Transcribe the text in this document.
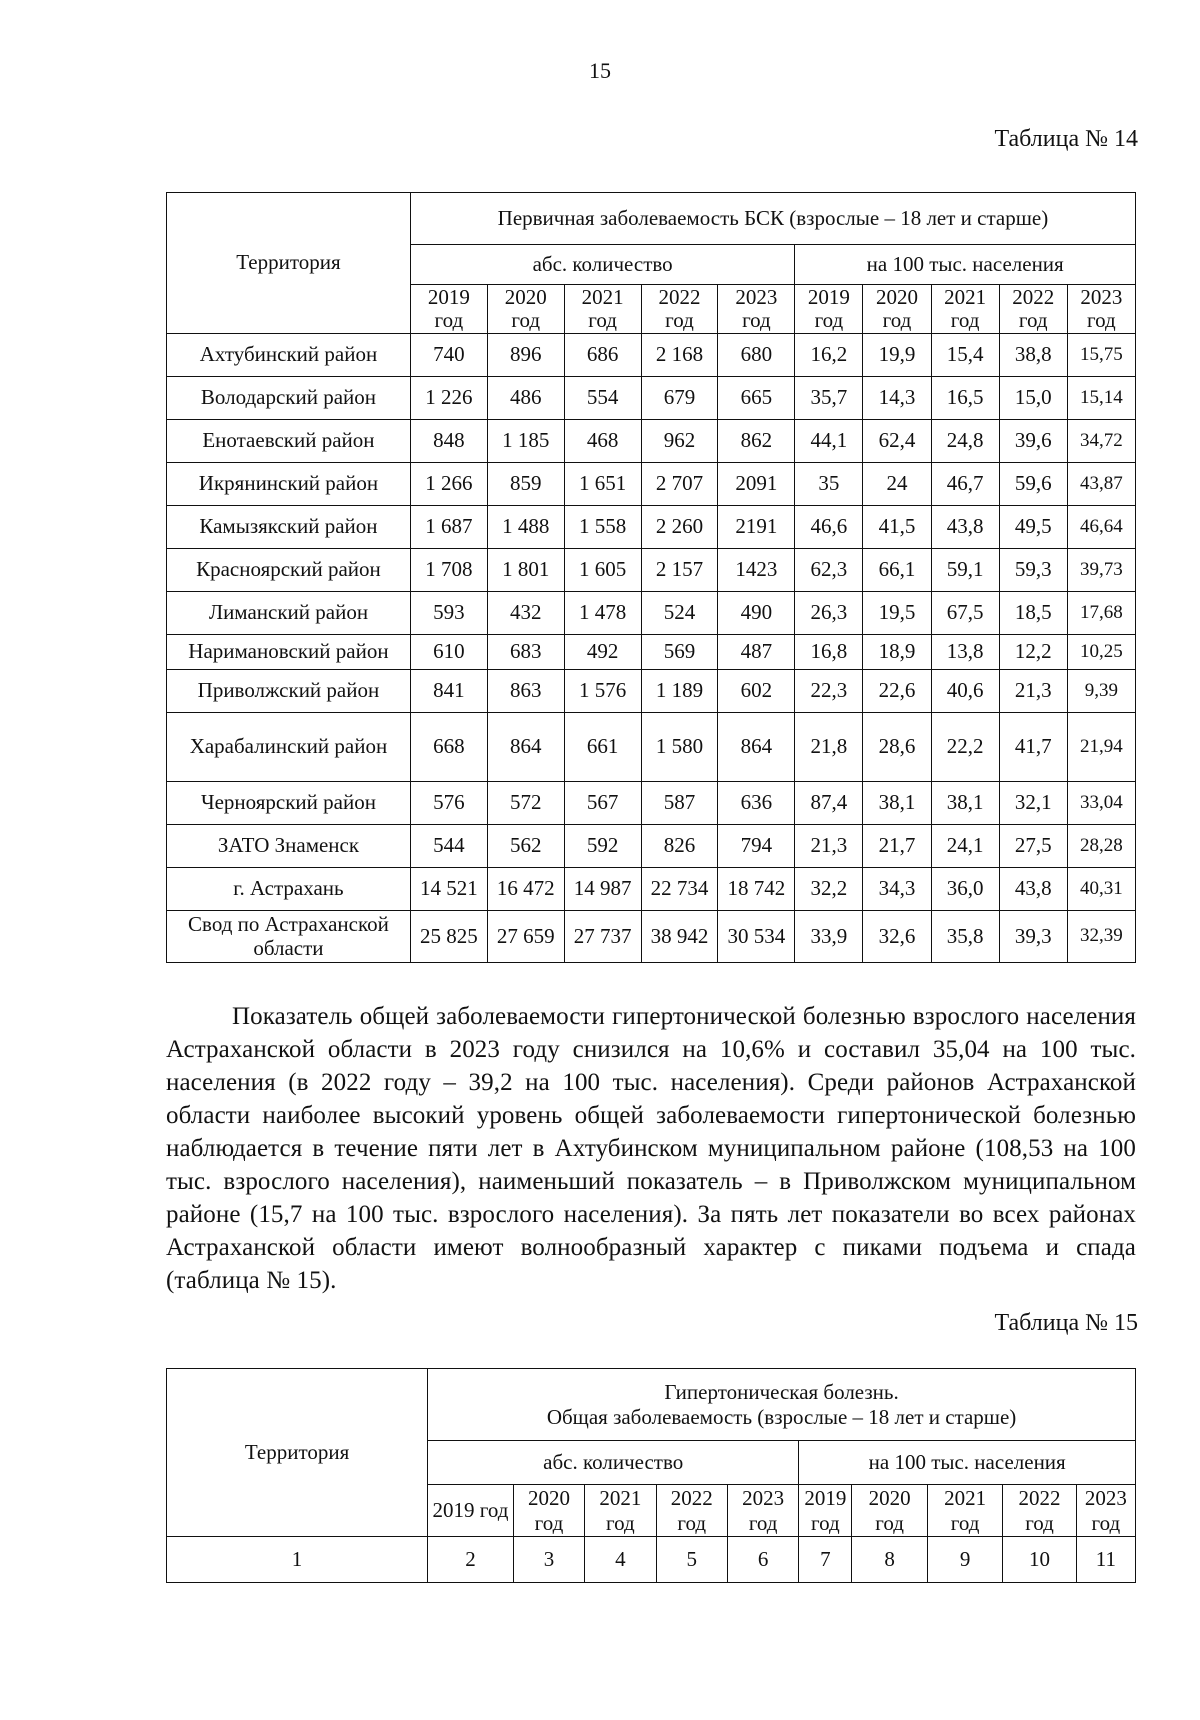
15
Таблица № 14
Территория	Первичная заболеваемость БСК (взрослые – 18 лет и старше)									
	абс. количество					на 100 тыс. населения				
	2019 год	2020 год	2021 год	2022 год	2023 год	2019 год	2020 год	2021 год	2022 год	2023 год
Ахтубинский район	740	896	686	2 168	680	16,2	19,9	15,4	38,8	15,75
Володарский район	1 226	486	554	679	665	35,7	14,3	16,5	15,0	15,14
Енотаевский район	848	1 185	468	962	862	44,1	62,4	24,8	39,6	34,72
Икрянинский район	1 266	859	1 651	2 707	2091	35	24	46,7	59,6	43,87
Камызякский район	1 687	1 488	1 558	2 260	2191	46,6	41,5	43,8	49,5	46,64
Красноярский район	1 708	1 801	1 605	2 157	1423	62,3	66,1	59,1	59,3	39,73
Лиманский район	593	432	1 478	524	490	26,3	19,5	67,5	18,5	17,68
Наримановский район	610	683	492	569	487	16,8	18,9	13,8	12,2	10,25
Приволжский район	841	863	1 576	1 189	602	22,3	22,6	40,6	21,3	9,39
Харабалинский район	668	864	661	1 580	864	21,8	28,6	22,2	41,7	21,94
Черноярский район	576	572	567	587	636	87,4	38,1	38,1	32,1	33,04
ЗАТО Знаменск	544	562	592	826	794	21,3	21,7	24,1	27,5	28,28
г. Астрахань	14 521	16 472	14 987	22 734	18 742	32,2	34,3	36,0	43,8	40,31
Свод по Астраханской области	25 825	27 659	27 737	38 942	30 534	33,9	32,6	35,8	39,3	32,39

Показатель общей заболеваемости гипертонической болезнью взрослого населения Астраханской области в 2023 году снизился на 10,6% и составил 35,04 на 100 тыс. населения (в 2022 году – 39,2 на 100 тыс. населения). Среди районов Астраханской области наиболее высокий уровень общей заболеваемости гипертонической болезнью наблюдается в течение пяти лет в Ахтубинском муниципальном районе (108,53 на 100 тыс. взрослого населения), наименьший показатель – в Приволжском муниципальном районе (15,7 на 100 тыс. взрослого населения). За пять лет показатели во всех районах Астраханской области имеют волнообразный характер с пиками подъема и спада (таблица № 15).

Таблица № 15
Территория	Гипертоническая болезнь.
Общая заболеваемость (взрослые – 18 лет и старше)									

	абс. количество					на 100 тыс. населения				
	2019 год	2020 год	2021 год	2022 год	2023 год	2019 год	2020 год	2021 год	2022 год	2023 год
1	2	3	4	5	6	7	8	9	10	11
